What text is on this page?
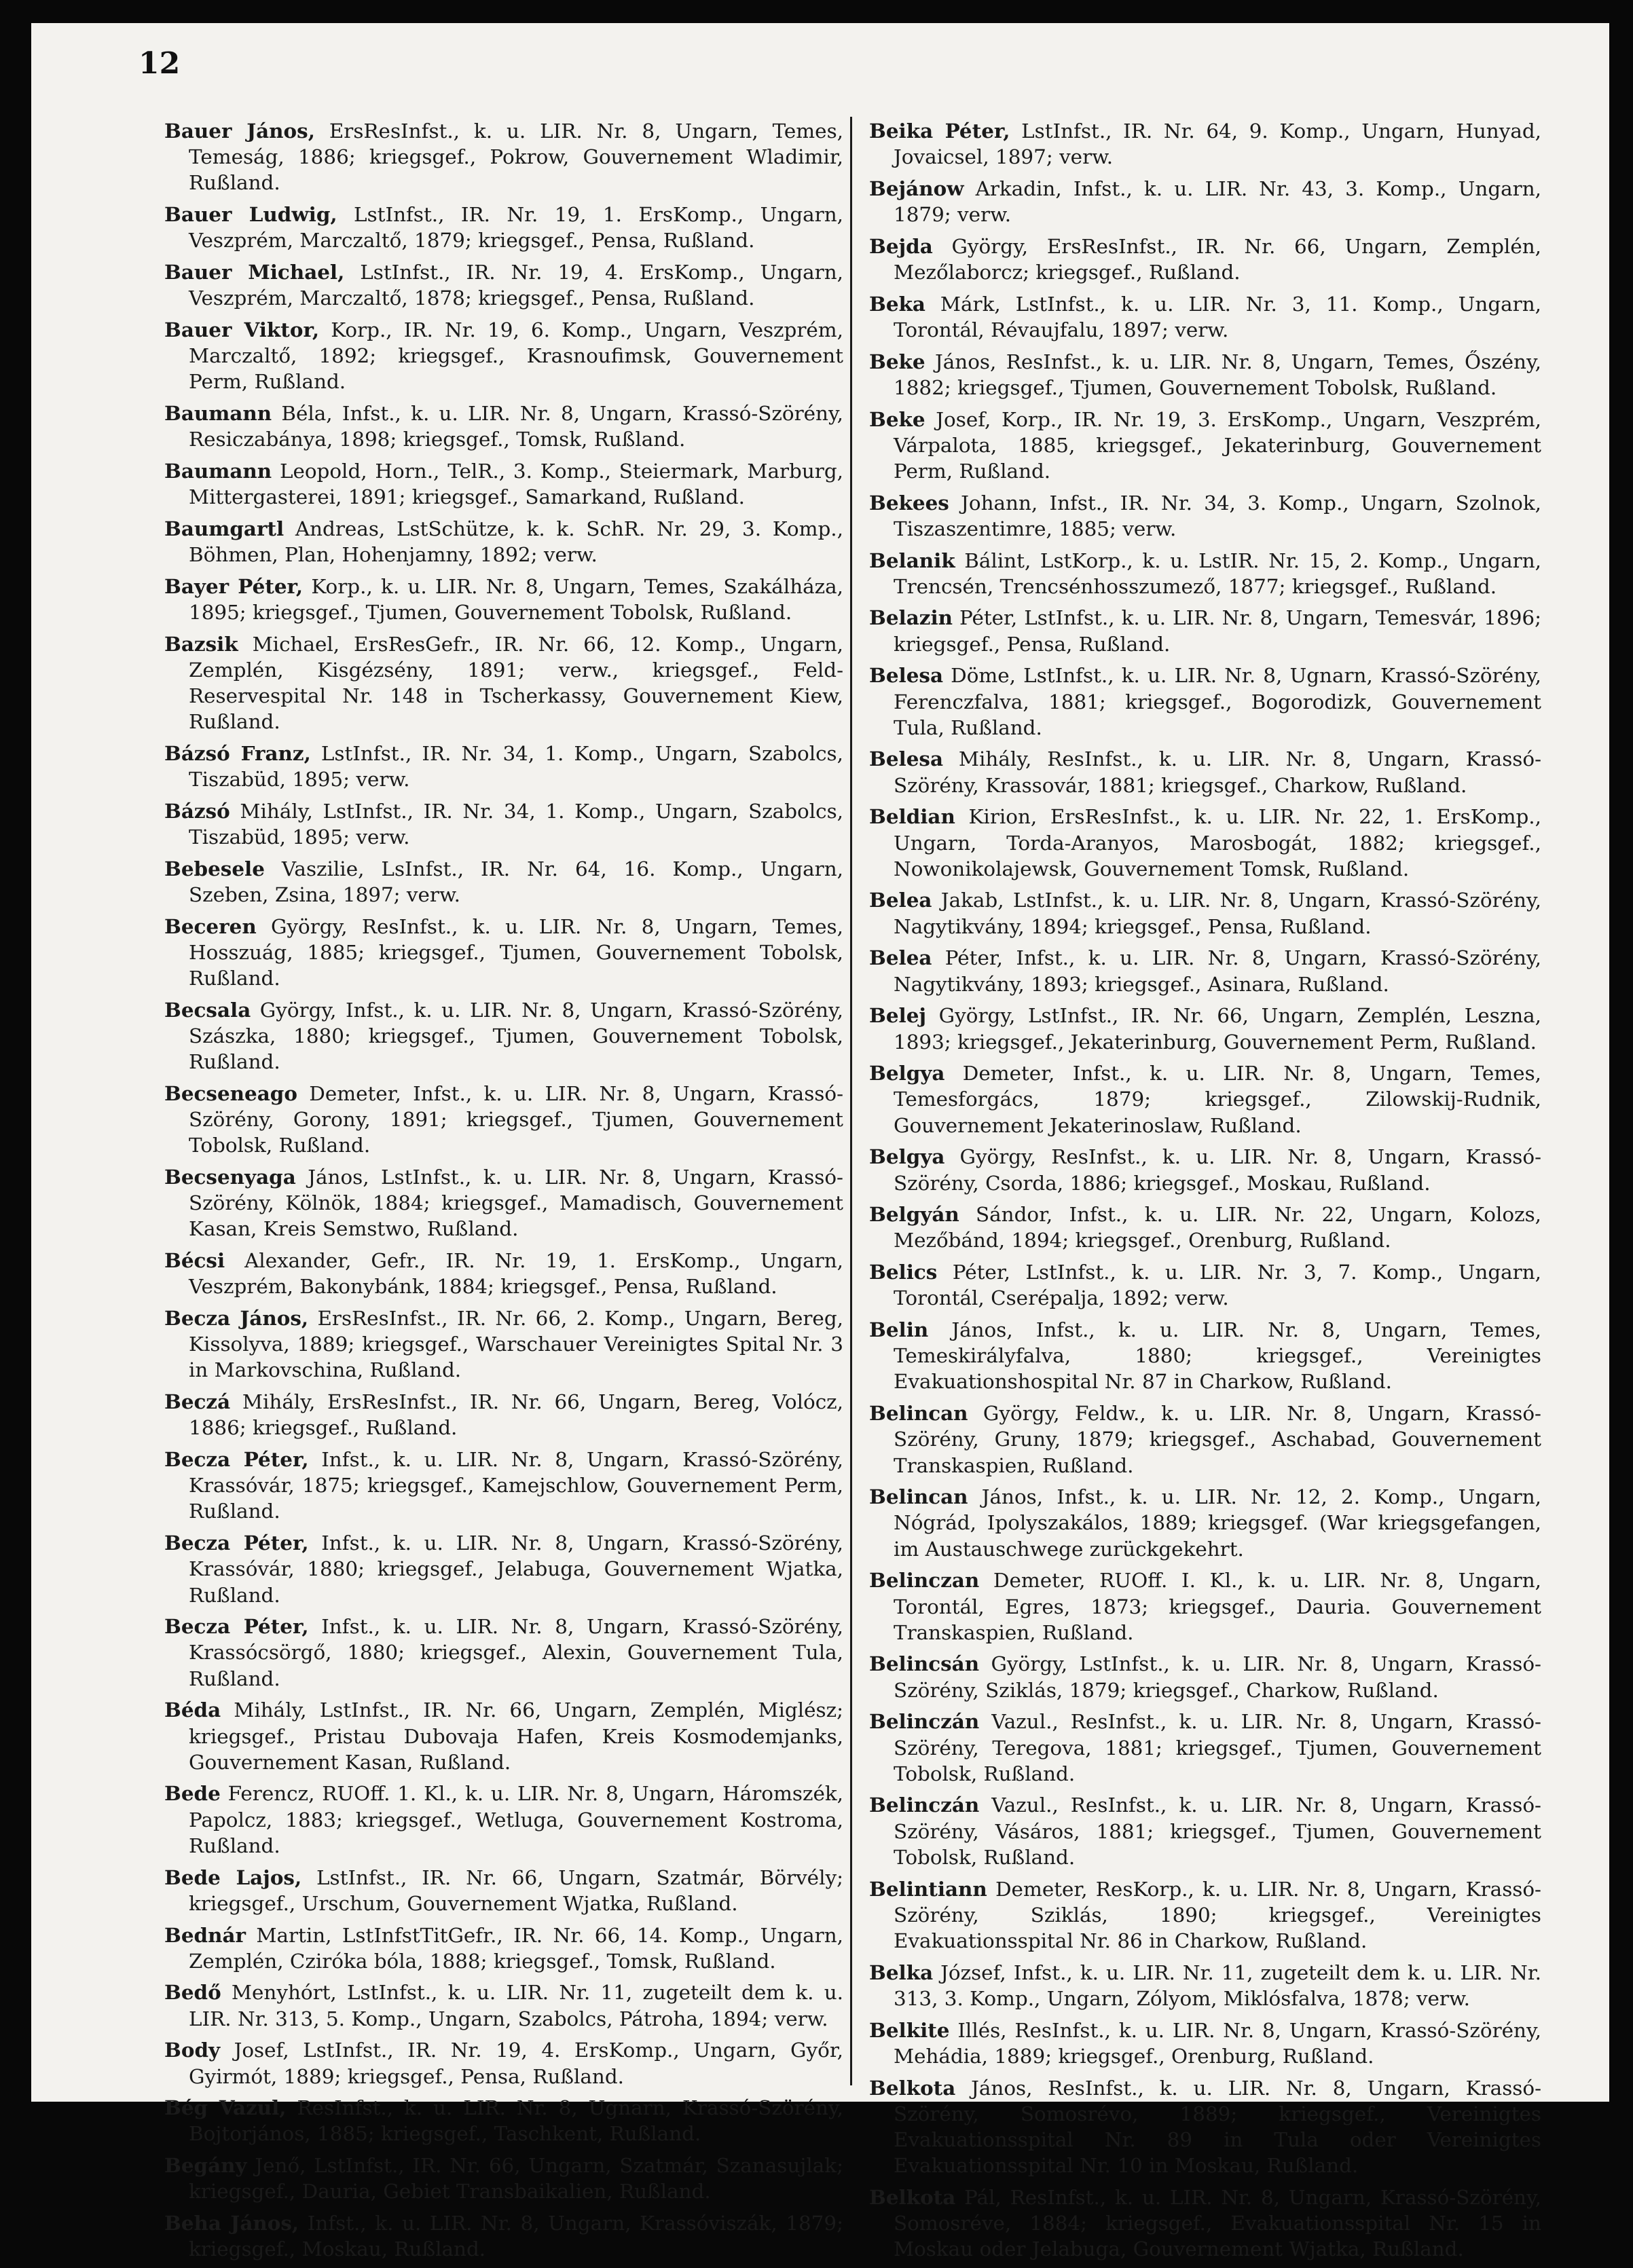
12

Bauer János, ErsResInfst., k. u. LIR. Nr. 8, Ungarn, Temes, Temeság, 1886; kriegsgef., Pokrow, Gouvernement Wladimir, Rußland.

Bauer Ludwig, LstInfst., IR. Nr. 19, 1. ErsKomp., Ungarn, Veszprém, Marczaltő, 1879; kriegsgef., Pensa, Rußland.

Bauer Michael, LstInfst., IR. Nr. 19, 4. ErsKomp., Ungarn, Veszprém, Marczaltő, 1878; kriegsgef., Pensa, Rußland.

Bauer Viktor, Korp., IR. Nr. 19, 6. Komp., Ungarn, Veszprém, Marczaltő, 1892; kriegsgef., Krasnoufimsk, Gouvernement Perm, Rußland.

Baumann Béla, Infst., k. u. LIR. Nr. 8, Ungarn, Krassó-Szörény, Resiczabánya, 1898; kriegsgef., Tomsk, Rußland.

Baumann Leopold, Horn., TelR., 3. Komp., Steiermark, Marburg, Mittergasterei, 1891; kriegsgef., Samarkand, Rußland.

Baumgartl Andreas, LstSchütze, k. k. SchR. Nr. 29, 3. Komp., Böhmen, Plan, Hohenjamny, 1892; verw.

Bayer Péter, Korp., k. u. LIR. Nr. 8, Ungarn, Temes, Szakálháza, 1895; kriegsgef., Tjumen, Gouvernement Tobolsk, Rußland.

Bazsik Michael, ErsResGefr., IR. Nr. 66, 12. Komp., Ungarn, Zemplén, Kisgézsény, 1891; verw., kriegsgef., Feld-Reservespital Nr. 148 in Tscherkassy, Gouvernement Kiew, Rußland.

Bázsó Franz, LstInfst., IR. Nr. 34, 1. Komp., Ungarn, Szabolcs, Tiszabüd, 1895; verw.

Bázsó Mihály, LstInfst., IR. Nr. 34, 1. Komp., Ungarn, Szabolcs, Tiszabüd, 1895; verw.

Bebesele Vaszilie, LsInfst., IR. Nr. 64, 16. Komp., Ungarn, Szeben, Zsina, 1897; verw.

Beceren György, ResInfst., k. u. LIR. Nr. 8, Ungarn, Temes, Hosszuág, 1885; kriegsgef., Tjumen, Gouvernement Tobolsk, Rußland.

Becsala György, Infst., k. u. LIR. Nr. 8, Ungarn, Krassó-Szörény, Szászka, 1880; kriegsgef., Tjumen, Gouvernement Tobolsk, Rußland.

Becseneago Demeter, Infst., k. u. LIR. Nr. 8, Ungarn, Krassó-Szörény, Gorony, 1891; kriegsgef., Tjumen, Gouvernement Tobolsk, Rußland.

Becsenyaga János, LstInfst., k. u. LIR. Nr. 8, Ungarn, Krassó-Szörény, Kölnök, 1884; kriegsgef., Mamadisch, Gouvernement Kasan, Kreis Semstwo, Rußland.

Bécsi Alexander, Gefr., IR. Nr. 19, 1. ErsKomp., Ungarn, Veszprém, Bakonybánk, 1884; kriegsgef., Pensa, Rußland.

Becza János, ErsResInfst., IR. Nr. 66, 2. Komp., Ungarn, Bereg, Kissolyva, 1889; kriegsgef., Warschauer Vereinigtes Spital Nr. 3 in Markovschina, Rußland.

Beczá Mihály, ErsResInfst., IR. Nr. 66, Ungarn, Bereg, Volócz, 1886; kriegsgef., Rußland.

Becza Péter, Infst., k. u. LIR. Nr. 8, Ungarn, Krassó-Szörény, Krassóvár, 1875; kriegsgef., Kamejschlow, Gouvernement Perm, Rußland.

Becza Péter, Infst., k. u. LIR. Nr. 8, Ungarn, Krassó-Szörény, Krassóvár, 1880; kriegsgef., Jelabuga, Gouvernement Wjatka, Rußland.

Becza Péter, Infst., k. u. LIR. Nr. 8, Ungarn, Krassó-Szörény, Krassócsörgő, 1880; kriegsgef., Alexin, Gouvernement Tula, Rußland.

Béda Mihály, LstInfst., IR. Nr. 66, Ungarn, Zemplén, Miglész; kriegsgef., Pristau Dubovaja Hafen, Kreis Kosmodemjanks, Gouvernement Kasan, Rußland.

Bede Ferencz, RUOff. 1. Kl., k. u. LIR. Nr. 8, Ungarn, Háromszék, Papolcz, 1883; kriegsgef., Wetluga, Gouvernement Kostroma, Rußland.

Bede Lajos, LstInfst., IR. Nr. 66, Ungarn, Szatmár, Börvély; kriegsgef., Urschum, Gouvernement Wjatka, Rußland.

Bednár Martin, LstInfstTitGefr., IR. Nr. 66, 14. Komp., Ungarn, Zemplén, Cziróka bóla, 1888; kriegsgef., Tomsk, Rußland.

Bedő Menyhórt, LstInfst., k. u. LIR. Nr. 11, zugeteilt dem k. u. LIR. Nr. 313, 5. Komp., Ungarn, Szabolcs, Pátroha, 1894; verw.

Body Josef, LstInfst., IR. Nr. 19, 4. ErsKomp., Ungarn, Győr, Gyirmót, 1889; kriegsgef., Pensa, Rußland.

Bég Vazul, ResInfst., k. u. LIR. Nr. 8, Ugnarn, Krassó-Szörény, Bojtorjános, 1885; kriegsgef., Taschkent, Rußland.

Begány Jenő, LstInfst., IR. Nr. 66, Ungarn, Szatmár, Szanasujlak; kriegsgef., Dauria, Gebiet Transbaikalien, Rußland.

Beha János, Infst., k. u. LIR. Nr. 8, Ungarn, Krassóviszák, 1879; kriegsgef., Moskau, Rußland.

Beika Péter, LstInfst., IR. Nr. 64, 9. Komp., Ungarn, Hunyad, Jovaicsel, 1897; verw.

Bejánow Arkadin, Infst., k. u. LIR. Nr. 43, 3. Komp., Ungarn, 1879; verw.

Bejda György, ErsResInfst., IR. Nr. 66, Ungarn, Zemplén, Mezőlaborcz; kriegsgef., Rußland.

Beka Márk, LstInfst., k. u. LIR. Nr. 3, 11. Komp., Ungarn, Torontál, Révaujfalu, 1897; verw.

Beke János, ResInfst., k. u. LIR. Nr. 8, Ungarn, Temes, Őszény, 1882; kriegsgef., Tjumen, Gouvernement Tobolsk, Rußland.

Beke Josef, Korp., IR. Nr. 19, 3. ErsKomp., Ungarn, Veszprém, Várpalota, 1885, kriegsgef., Jekaterinburg, Gouvernement Perm, Rußland.

Bekees Johann, Infst., IR. Nr. 34, 3. Komp., Ungarn, Szolnok, Tiszaszentimre, 1885; verw.

Belanik Bálint, LstKorp., k. u. LstIR. Nr. 15, 2. Komp., Ungarn, Trencsén, Trencsénhosszumező, 1877; kriegsgef., Rußland.

Belazin Péter, LstInfst., k. u. LIR. Nr. 8, Ungarn, Temesvár, 1896; kriegsgef., Pensa, Rußland.

Belesa Döme, LstInfst., k. u. LIR. Nr. 8, Ugnarn, Krassó-Szörény, Ferenczfalva, 1881; kriegsgef., Bogorodizk, Gouvernement Tula, Rußland.

Belesa Mihály, ResInfst., k. u. LIR. Nr. 8, Ungarn, Krassó-Szörény, Krassovár, 1881; kriegsgef., Charkow, Rußland.

Beldian Kirion, ErsResInfst., k. u. LIR. Nr. 22, 1. ErsKomp., Ungarn, Torda-Aranyos, Marosbogát, 1882; kriegsgef., Nowonikolajewsk, Gouvernement Tomsk, Rußland.

Belea Jakab, LstInfst., k. u. LIR. Nr. 8, Ungarn, Krassó-Szörény, Nagytikvány, 1894; kriegsgef., Pensa, Rußland.

Belea Péter, Infst., k. u. LIR. Nr. 8, Ungarn, Krassó-Szörény, Nagytikvány, 1893; kriegsgef., Asinara, Rußland.

Belej György, LstInfst., IR. Nr. 66, Ungarn, Zemplén, Leszna, 1893; kriegsgef., Jekaterinburg, Gouvernement Perm, Rußland.

Belgya Demeter, Infst., k. u. LIR. Nr. 8, Ungarn, Temes, Temesforgács, 1879; kriegsgef., Zilowskij-Rudnik, Gouvernement Jekaterinoslaw, Rußland.

Belgya György, ResInfst., k. u. LIR. Nr. 8, Ungarn, Krassó-Szörény, Csorda, 1886; kriegsgef., Moskau, Rußland.

Belgyán Sándor, Infst., k. u. LIR. Nr. 22, Ungarn, Kolozs, Mezőbánd, 1894; kriegsgef., Orenburg, Rußland.

Belics Péter, LstInfst., k. u. LIR. Nr. 3, 7. Komp., Ungarn, Torontál, Cserépalja, 1892; verw.

Belin János, Infst., k. u. LIR. Nr. 8, Ungarn, Temes, Temeskirályfalva, 1880; kriegsgef., Vereinigtes Evakuationshospital Nr. 87 in Charkow, Rußland.

Belincan György, Feldw., k. u. LIR. Nr. 8, Ungarn, Krassó-Szörény, Gruny, 1879; kriegsgef., Aschabad, Gouvernement Transkaspien, Rußland.

Belincan János, Infst., k. u. LIR. Nr. 12, 2. Komp., Ungarn, Nógrád, Ipolyszakálos, 1889; kriegsgef. (War kriegsgefangen, im Austauschwege zurückgekehrt.

Belinczan Demeter, RUOff. I. Kl., k. u. LIR. Nr. 8, Ungarn, Torontál, Egres, 1873; kriegsgef., Dauria. Gouvernement Transkaspien, Rußland.

Belincsán György, LstInfst., k. u. LIR. Nr. 8, Ungarn, Krassó-Szörény, Sziklás, 1879; kriegsgef., Charkow, Rußland.

Belinczán Vazul., ResInfst., k. u. LIR. Nr. 8, Ungarn, Krassó-Szörény, Teregova, 1881; kriegsgef., Tjumen, Gouvernement Tobolsk, Rußland.

Belinczán Vazul., ResInfst., k. u. LIR. Nr. 8, Ungarn, Krassó-Szörény, Vásáros, 1881; kriegsgef., Tjumen, Gouvernement Tobolsk, Rußland.

Belintiann Demeter, ResKorp., k. u. LIR. Nr. 8, Ungarn, Krassó-Szörény, Sziklás, 1890; kriegsgef., Vereinigtes Evakuationsspital Nr. 86 in Charkow, Rußland.

Belka József, Infst., k. u. LIR. Nr. 11, zugeteilt dem k. u. LIR. Nr. 313, 3. Komp., Ungarn, Zólyom, Miklósfalva, 1878; verw.

Belkite Illés, ResInfst., k. u. LIR. Nr. 8, Ungarn, Krassó-Szörény, Mehádia, 1889; kriegsgef., Orenburg, Rußland.

Belkota János, ResInfst., k. u. LIR. Nr. 8, Ungarn, Krassó-Szörény, Somosrévo, 1889; kriegsgef., Vereinigtes Evakuationsspital Nr. 89 in Tula oder Vereinigtes Evakuationsspital Nr. 10 in Moskau, Rußland.

Belkota Pál, ResInfst., k. u. LIR. Nr. 8, Ungarn, Krassó-Szörény, Somosréve, 1884; kriegsgef., Evakuationsspital Nr. 15 in Moskau oder Jelabuga, Gouvernement Wjatka, Rußland.
